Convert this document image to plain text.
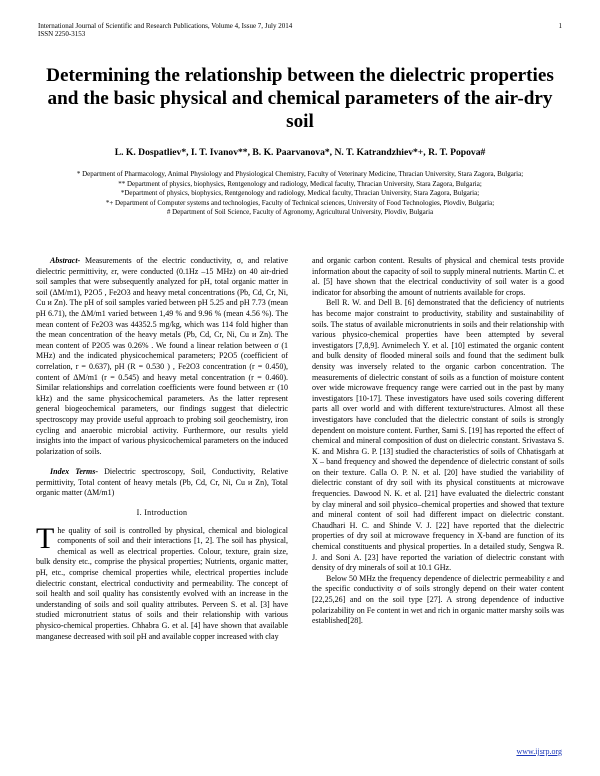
International Journal of Scientific and Research Publications, Volume 4, Issue 7, July 2014
ISSN 2250-3153
1
Determining the relationship between the dielectric properties and the basic physical and chemical parameters of the air-dry soil
L. K. Dospatliev*, I. T. Ivanov**, B. K. Paarvanova*, N. T. Katrandzhiev*+, R. T. Popova#
* Department of Pharmacology, Animal Physiology and Physiological Chemistry, Faculty of Veterinary Medicine, Thracian University, Stara Zagora, Bulgaria;
** Department of physics, biophysics, Rentgenology and radiology, Medical faculty, Thracian University, Stara Zagora, Bulgaria;
*Department of physics, biophysics, Rentgenology and radiology, Medical faculty, Thracian University, Stara Zagora, Bulgaria;
*+ Department of Computer systems and technologies, Faculty of Technical sciences, University of Food Technologies, Plovdiv, Bulgaria;
# Department of Soil Science, Faculty of Agronomy, Agricultural University, Plovdiv, Bulgaria

Abstract- Measurements of the electric conductivity, σ, and relative dielectric permittivity, εr, were conducted (0.1Hz –15 MHz) on 40 air-dried soil samples that were subsequently analyzed for pH, total organic matter in soil (ΔM/m1), P2O5 , Fe2O3 and heavy metal concentrations (Pb, Cd, Cr, Ni, Cu и Zn). The pH of soil samples varied between pH 5.25 and pH 7.73 (mean pH 6.71), the ΔM/m1 varied between 1,49 % and 9.96 % (mean 4.56 %). The mean content of Fe2O3 was 44352.5 mg/kg, which was 114 fold higher than the mean concentration of the heavy metals (Pb, Cd, Cr, Ni, Cu и Zn). The mean content of P2O5 was 0.26% . We found a linear relation between σ (1 MHz) and the indicated physicochemical parameters; P2O5 (coefficient of correlation, r = 0.637), pH (R = 0.530 ) , Fe2O3 concentration (r = 0.450), content of ΔM/m1 (r = 0.545) and heavy metal concentration (r = 0.460). Similar relationships and correlation coefficients were found between εr (10 kHz) and the same physicochemical parameters. As the latter represent general biogeochemical parameters, our findings suggest that dielectric spectroscopy may provide useful approach to probing soil geochemistry, iron cycling and anaerobic microbial activity. Furthermore, our results yield insights into the impact of various physicochemical parameters on the induced polarization of soils.

Index Terms- Dielectric spectroscopy, Soil, Conductivity, Relative permittivity, Total content of heavy metals (Pb, Cd, Cr, Ni, Cu и Zn), Total organic matter (ΔM/m1)

I. Introduction

The quality of soil is controlled by physical, chemical and biological components of soil and their interactions [1, 2]. The soil has physical, chemical as well as electrical properties. Colour, texture, grain size, bulk density etc., comprise the physical properties; Nutrients, organic matter, pH, etc., comprise chemical properties while, electrical properties include dielectric constant, electrical conductivity and permeability. The concept of soil health and soil quality has consistently evolved with an increase in the understanding of soils and soil quality attributes. Perveen S. et al. [3] have studied micronutrient status of soils and their relationship with various physico-chemical properties. Chhabra G. et al. [4] have shown that available manganese decreased with soil pH and available copper increased with clay

and organic carbon content. Results of physical and chemical tests provide information about the capacity of soil to supply mineral nutrients. Martin C. et al. [5] have shown that the electrical conductivity of soil water is a good indicator for absorbing the amount of nutrients available for crops.

Bell R. W. and Dell B. [6] demonstrated that the deficiency of nutrients has become major constraint to productivity, stability and sustainability of soils. The status of available micronutrients in soils and their relationship with various physico-chemical properties have been attempted by several investigators [7,8,9]. Avnimelech Y. et al. [10] estimated the organic content and bulk density of flooded mineral soils and found that the sediment bulk density was inversely related to the organic carbon concentration. The measurements of dielectric constant of soils as a function of moisture content over wide microwave frequency range were carried out in the past by many investigators [10-17]. These investigators have used soils covering different parts all over world and with different texture/structures. Almost all these investigators have concluded that the dielectric constant of soils is strongly dependent on moisture content. Further, Sami S. [19] has reported the effect of chemical and mineral composition of dust on dielectric constant. Srivastava S. K. and Mishra G. P. [13] studied the characteristics of soils of Chhatisgarh at X – band frequency and showed the dependence of dielectric constant of soils on their texture. Calla O. P. N. et al. [20] have studied the variability of dielectric constant of dry soil with its physical constituents at microwave frequencies. Dawood N. K. et al. [21] have evaluated the dielectric constant by clay mineral and soil physico–chemical properties and showed that texture and mineral content of soil had different impact on dielectric constant. Chaudhari H. C. and Shinde V. J. [22] have reported that the dielectric properties of dry soil at microwave frequency in X-band are function of its chemical constituents and physical properties. In a detailed study, Sengwa R. J. and Soni A. [23] have reported the variation of dielectric constant with density of dry minerals of soil at 10.1 GHz.

Below 50 MHz the frequency dependence of dielectric permeability ε and the specific conductivity σ of soils strongly depend on their water content [22,25,26] and on the soil type [27]. A strong dependence of inductive polarizability on Fe content in wet and rich in organic matter marshy soils was established[28].

www.ijsrp.org
